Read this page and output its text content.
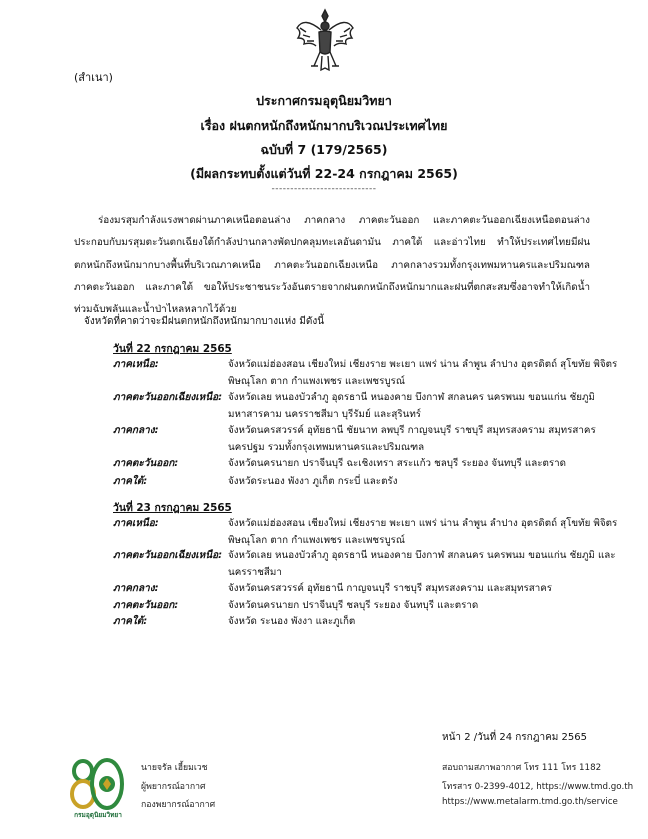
(สำเนา)
ประกาศกรมอุตุนิยมวิทยา
เรื่อง ฝนตกหนักถึงหนักมากบริเวณประเทศไทย
ฉบับที่ 7 (179/2565)
(มีผลกระทบตั้งแต่วันที่ 22-24 กรกฎาคม 2565)
----------------------------
ร่องมรสุมกำลังแรงพาดผ่านภาคเหนือตอนล่าง ภาคกลาง ภาคตะวันออก และภาคตะวันออกเฉียงเหนือตอนล่าง ประกอบกับมรสุมตะวันตกเฉียงใต้กำลังปานกลางพัดปกคลุมทะเลอันดามัน ภาคใต้ และอ่าวไทย ทำให้ประเทศไทยมีฝนตกหนักถึงหนักมากบางพื้นที่บริเวณภาคเหนือ ภาคตะวันออกเฉียงเหนือ ภาคกลางรวมทั้งกรุงเทพมหานครและปริมณฑล ภาคตะวันออก และภาคใต้ ขอให้ประชาชนระวังอันตรายจากฝนตกหนักถึงหนักมากและฝนที่ตกสะสมซึ่งอาจทำให้เกิดน้ำท่วมฉับพลันและน้ำป่าไหลหลากไว้ด้วย
จังหวัดที่คาดว่าจะมีฝนตกหนักถึงหนักมากบางแห่ง มีดังนี้
วันที่ 22 กรกฎาคม 2565
ภาคเหนือ:	จังหวัดแม่ฮ่องสอน เชียงใหม่ เชียงราย พะเยา แพร่ น่าน ลำพูน ลำปาง อุตรดิตถ์ สุโขทัย พิจิตร พิษณุโลก ตาก กำแพงเพชร และเพชรบูรณ์
ภาคตะวันออกเฉียงเหนือ: จังหวัดเลย หนองบัวลำภู อุดรธานี หนองคาย บึงกาฬ สกลนคร นครพนม ขอนแก่น ชัยภูมิ มหาสารคาม นครราชสีมา บุรีรัมย์ และสุรินทร์
ภาคกลาง:	จังหวัดนครสวรรค์ อุทัยธานี ชัยนาท ลพบุรี กาญจนบุรี ราชบุรี สมุทรสงคราม สมุทรสาคร นครปฐม รวมทั้งกรุงเทพมหานครและปริมณฑล
ภาคตะวันออก:	จังหวัดนครนายก ปราจีนบุรี ฉะเชิงเทรา สระแก้ว ชลบุรี ระยอง จันทบุรี และตราด
ภาคใต้:	จังหวัดระนอง พังงา ภูเก็ต กระบี่ และตรัง
วันที่ 23 กรกฎาคม 2565
ภาคเหนือ:	จังหวัดแม่ฮ่องสอน เชียงใหม่ เชียงราย พะเยา แพร่ น่าน ลำพูน ลำปาง อุตรดิตถ์ สุโขทัย พิจิตร พิษณุโลก ตาก กำแพงเพชร และเพชรบูรณ์
ภาคตะวันออกเฉียงเหนือ: จังหวัดเลย หนองบัวลำภู อุดรธานี หนองคาย บึงกาฬ สกลนคร นครพนม ขอนแก่น ชัยภูมิ และนครราชสีมา
ภาคกลาง:	จังหวัดนครสวรรค์ อุทัยธานี กาญจนบุรี ราชบุรี สมุทรสงคราม และสมุทรสาคร
ภาคตะวันออก:	จังหวัดนครนายก ปราจีนบุรี ชลบุรี ระยอง จันทบุรี และตราด
ภาคใต้:	จังหวัด ระนอง พังงา และภูเก็ต
หน้า 2 /วันที่ 24 กรกฎาคม 2565
กรมอุตุนิยมวิทยา
นายจรัล เฮี้ยมเวช
ผู้พยากรณ์อากาศ
กองพยากรณ์อากาศ
สอบถามสภาพอากาศ โทร 111 โทร 1182
โทรสาร 0-2399-4012, https://www.tmd.go.th
https://www.metalarm.tmd.go.th/service
